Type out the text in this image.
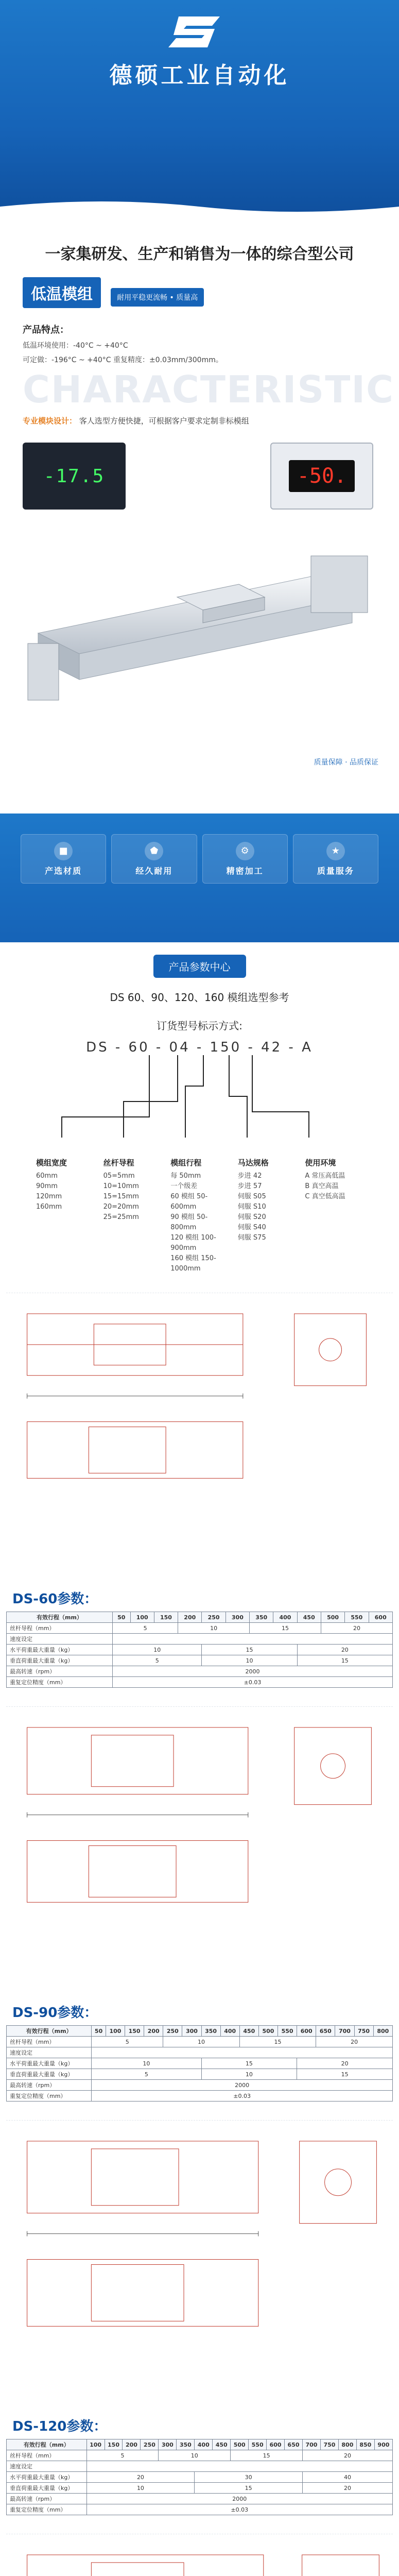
德硕工业自动化
一家集研发、生产和销售为一体的综合型公司
低温模组	耐用平稳更流畅 • 质量高
产品特点：
低温环境使用：-40°C ~ +40°C
可定做：-196°C ~ +40°C 重复精度：±0.03mm/300mm。
CHARACTERISTIC
专业模块设计： 客人选型方便快捷，可根据客户要求定制非标模组
-17.5	-50.
质量保障 · 品质保证
■
产选材质
⬟
经久耐用
⚙
精密加工
★
质量服务
产品参数中心
DS 60、90、120、160 模组选型参考
订货型号标示方式:
DS - 60 - 04 - 150 - 42 - A
模组宽度
60mm
90mm
120mm
160mm
丝杆导程
05=5mm
10=10mm
15=15mm
20=20mm
25=25mm
模组行程
每 50mm
一个级差
60 模组 50-600mm
90 模组 50-800mm
120 模组 100-900mm
160 模组 150-1000mm
马达规格
步进 42
步进 57
伺服 S05
伺服 S10
伺服 S20
伺服 S40
伺服 S75
使用环境
A 常压高低温
B 真空高温
C 真空低高温
DS-60参数：
有效行程（mm）	50	100	150	200	250	300	350	400	450	500	550	600
丝杆导程（mm）	5			10			15			20		
速度设定												
水平荷重最大重量（kg）	10				15				20			
垂直荷重最大重量（kg）	5				10				15			
最高转速（rpm）	2000											
重复定位精度（mm）	±0.03											
DS-90参数：
有效行程（mm）	50	100	150	200	250	300	350	400	450	500	550	600	650	700	750	800
丝杆导程（mm）	5				10				15				20			
速度设定																
水平荷重最大重量（kg）	10						15					20				
垂直荷重最大重量（kg）	5						10					15				
最高转速（rpm）	2000															
重复定位精度（mm）	±0.03															
DS-120参数：
有效行程（mm）	100	150	200	250	300	350	400	450	500	550	600	650	700	750	800	850	900
丝杆导程（mm）	5				10				15				20				
速度设定																	
水平荷重最大重量（kg）	20						30						40				
垂直荷重最大重量（kg）	10						15						20				
最高转速（rpm）	2000																
重复定位精度（mm）	±0.03																
